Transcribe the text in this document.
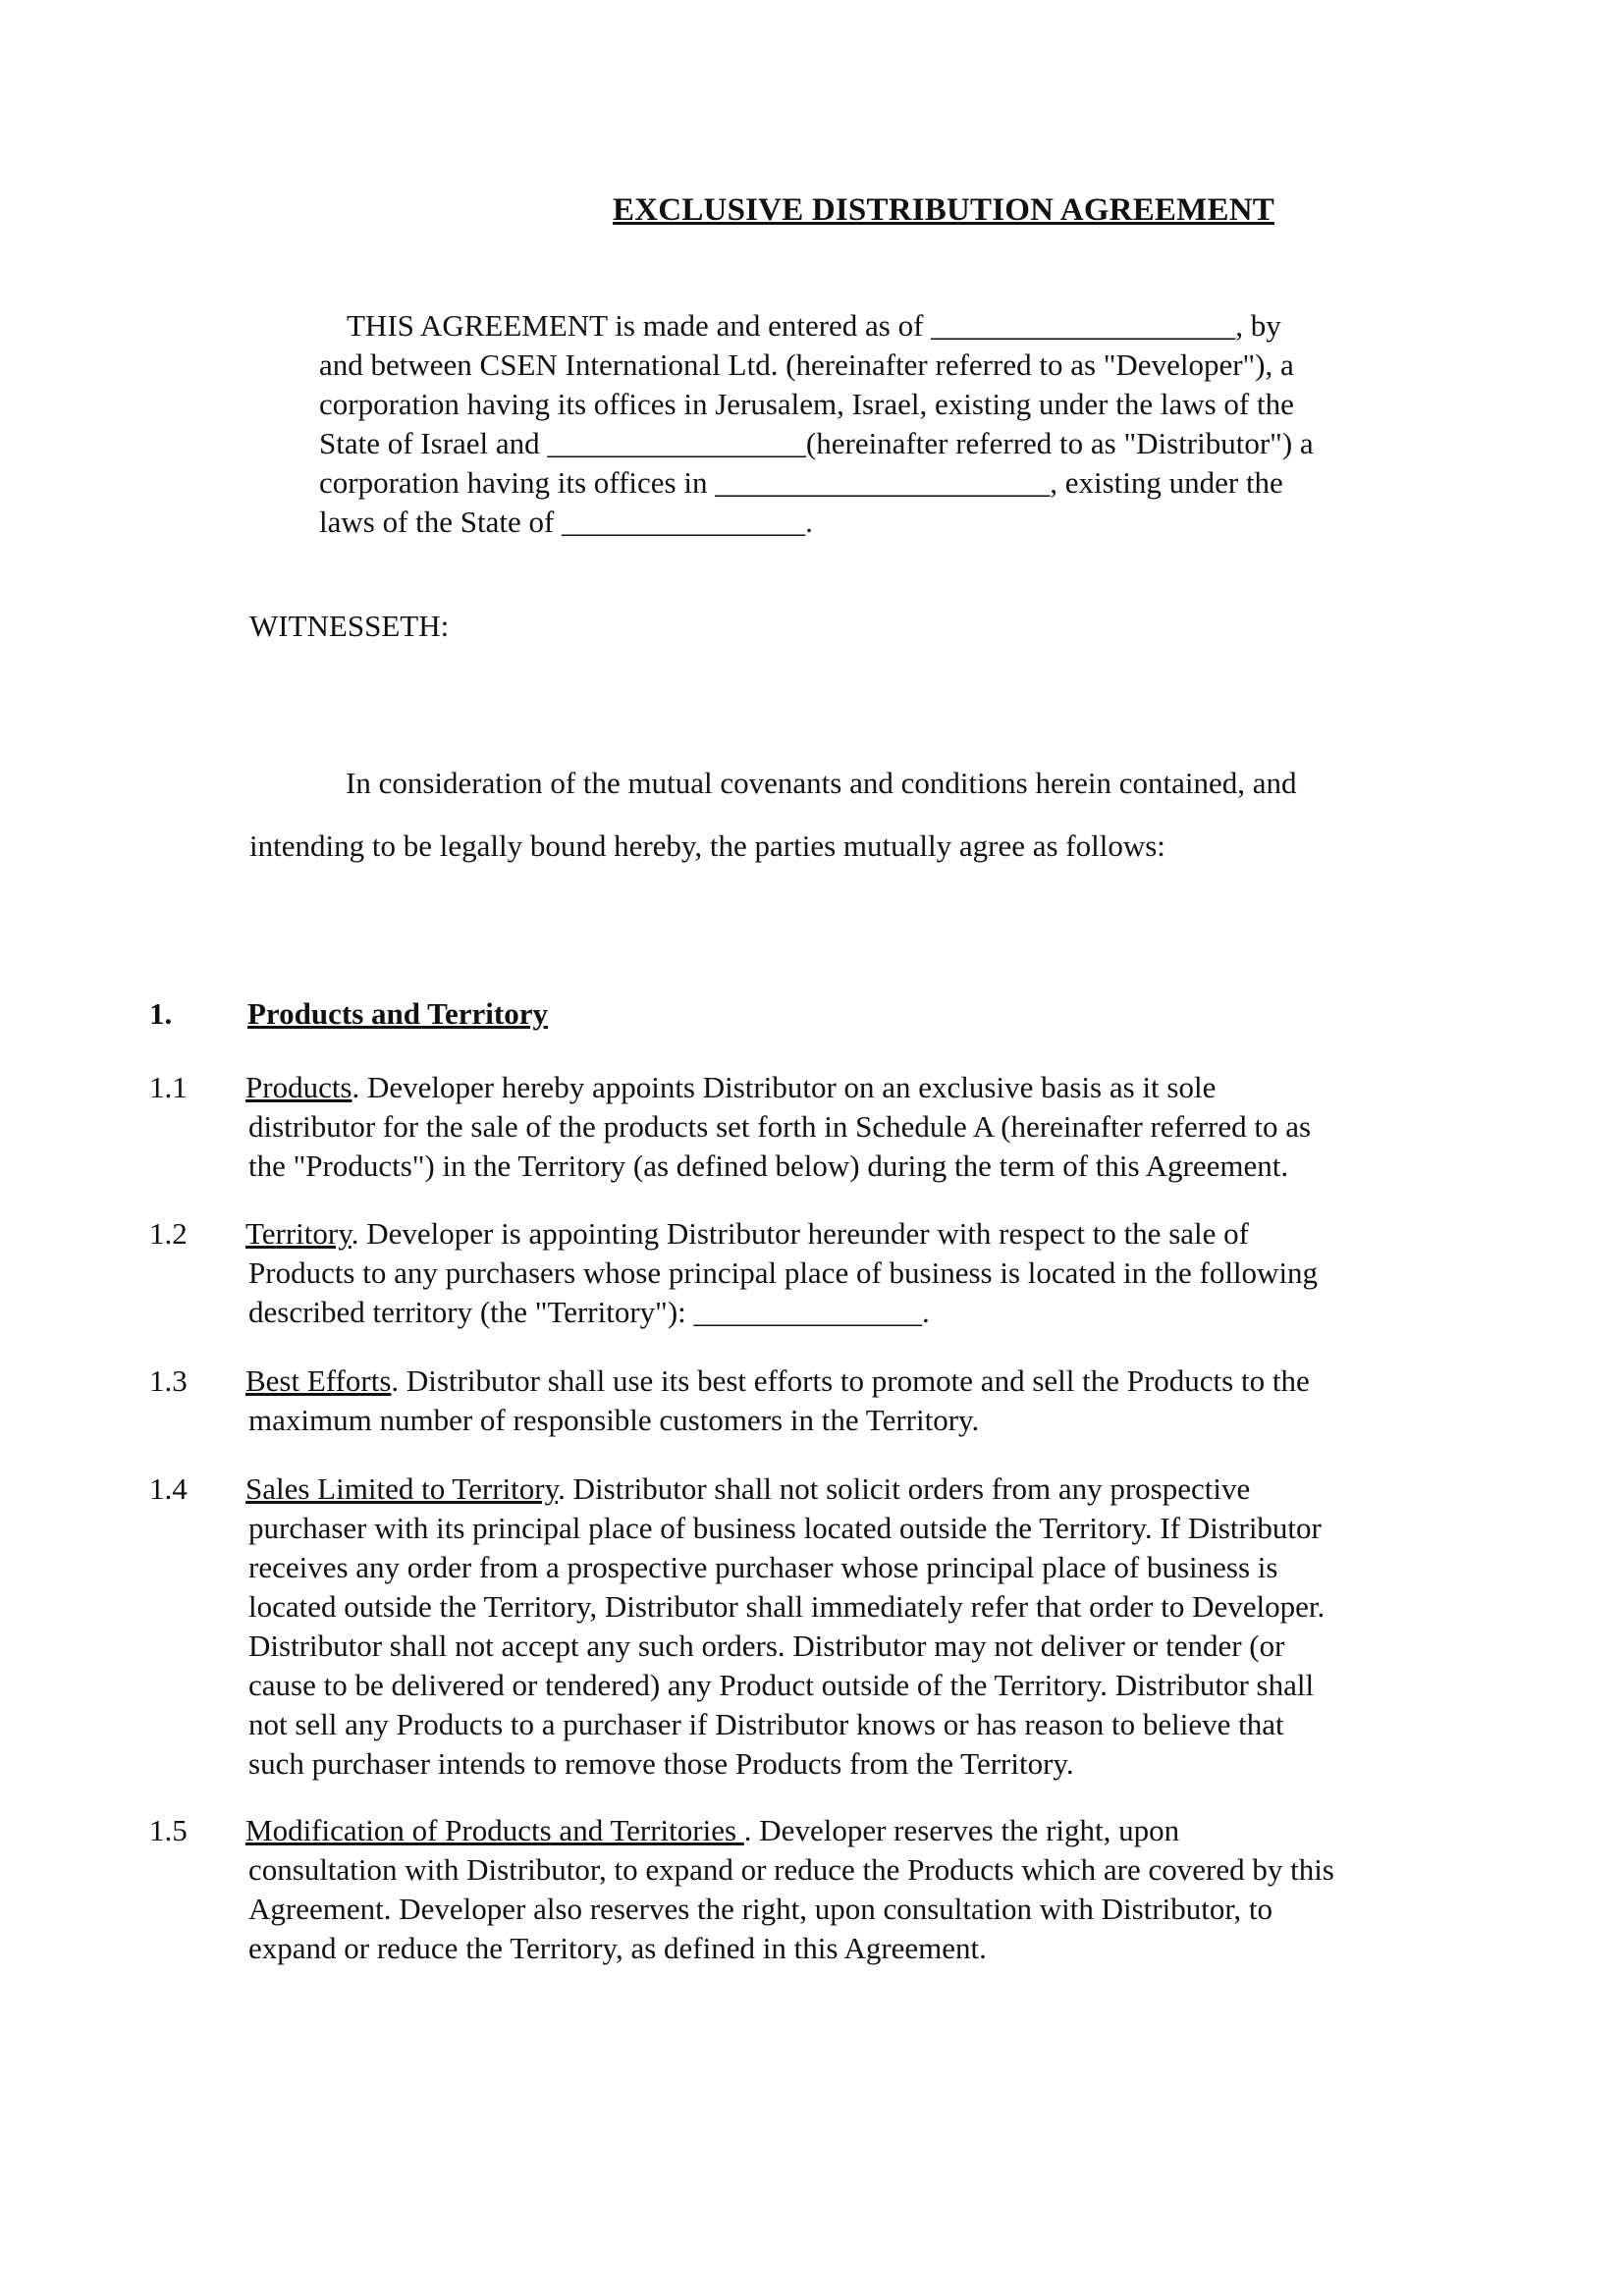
EXCLUSIVE DISTRIBUTION AGREEMENT
THIS AGREEMENT is made and entered as of ____________________, by
and between CSEN International Ltd. (hereinafter referred to as "Developer"), a
corporation having its offices in Jerusalem, Israel, existing under the laws of the
State of Israel and _________________(hereinafter referred to as "Distributor") a
corporation having its offices in ______________________, existing under the
laws of the State of ________________.
WITNESSETH:
In consideration of the mutual covenants and conditions herein contained, and
intending to be legally bound hereby, the parties mutually agree as follows:
1. Products and Territory
1.1 Products. Developer hereby appoints Distributor on an exclusive basis as it sole
distributor for the sale of the products set forth in Schedule A (hereinafter referred to as
the "Products") in the Territory (as defined below) during the term of this Agreement.
1.2 Territory. Developer is appointing Distributor hereunder with respect to the sale of
Products to any purchasers whose principal place of business is located in the following
described territory (the "Territory"): _______________.
1.3 Best Efforts. Distributor shall use its best efforts to promote and sell the Products to the
maximum number of responsible customers in the Territory.
1.4 Sales Limited to Territory. Distributor shall not solicit orders from any prospective
purchaser with its principal place of business located outside the Territory. If Distributor
receives any order from a prospective purchaser whose principal place of business is
located outside the Territory, Distributor shall immediately refer that order to Developer.
Distributor shall not accept any such orders. Distributor may not deliver or tender (or
cause to be delivered or tendered) any Product outside of the Territory. Distributor shall
not sell any Products to a purchaser if Distributor knows or has reason to believe that
such purchaser intends to remove those Products from the Territory.
1.5 Modification of Products and Territories . Developer reserves the right, upon
consultation with Distributor, to expand or reduce the Products which are covered by this
Agreement. Developer also reserves the right, upon consultation with Distributor, to
expand or reduce the Territory, as defined in this Agreement.
